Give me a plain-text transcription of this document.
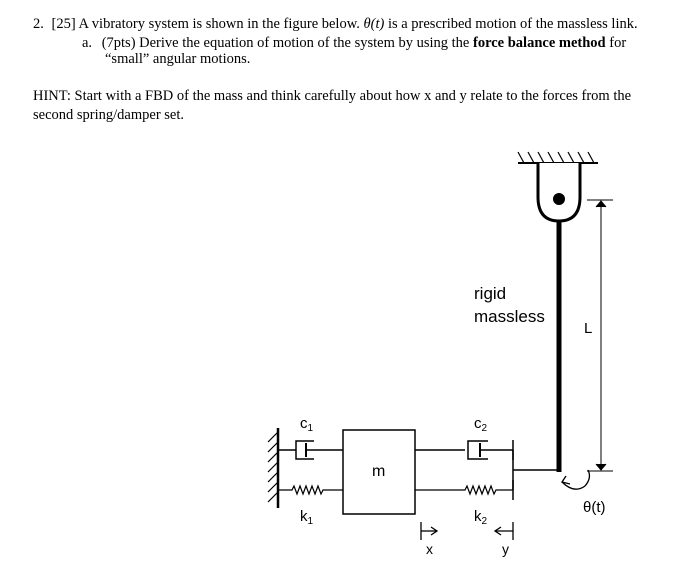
2. [25] A vibratory system is shown in the figure below. θ(t) is a prescribed motion of the massless link.
a. (7pts) Derive the equation of motion of the system by using the force balance method for
“small” angular motions.
HINT: Start with a FBD of the mass and think carefully about how x and y relate to the forces from the
second spring/damper set.
$c_1$
$k_1$
m
$c_2$
$k_2$
rigid
massless
L
θ(t)
x	y
